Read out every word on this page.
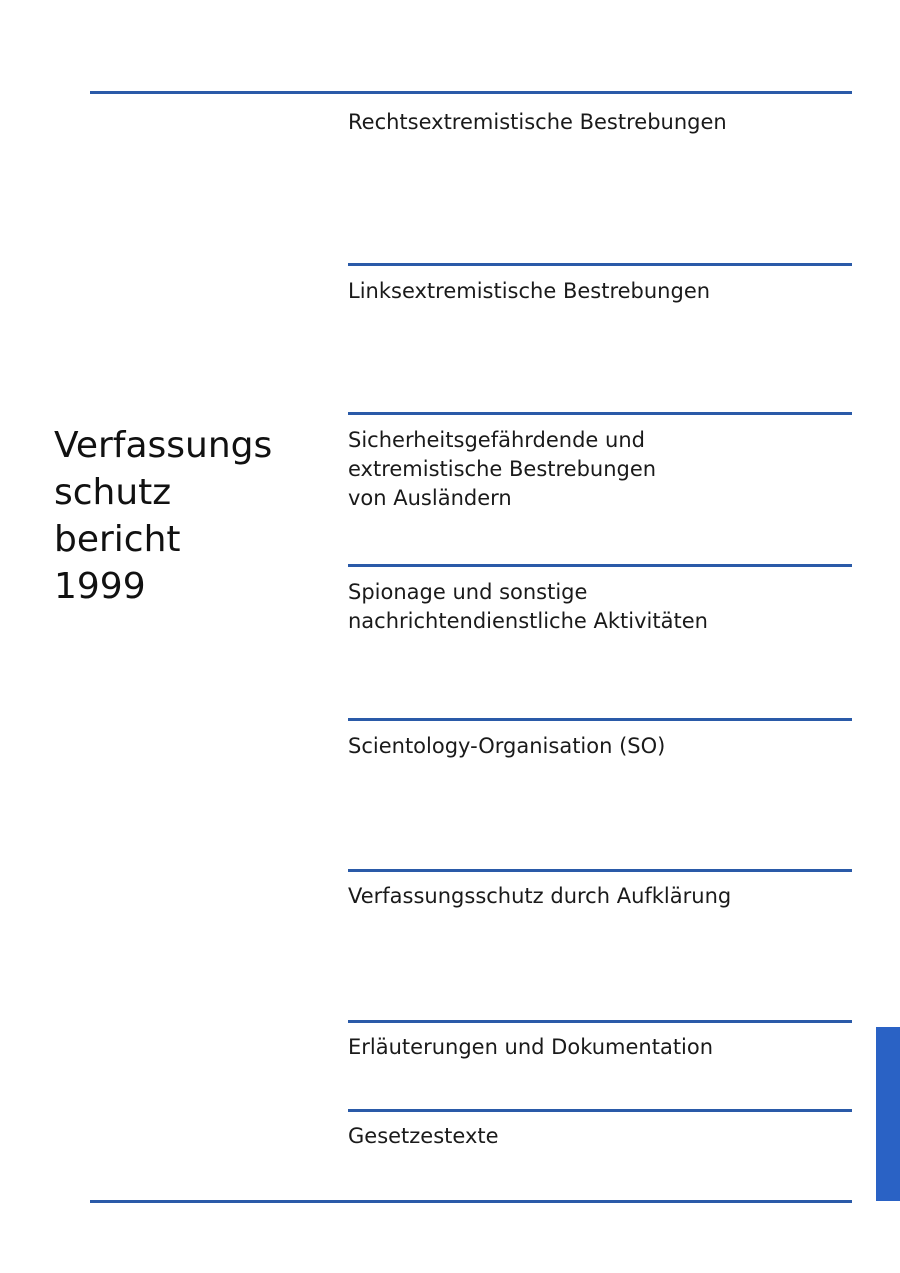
Verfassungs
schutz
bericht
1999
Rechtsextremistische Bestrebungen
Linksextremistische Bestrebungen
Sicherheitsgefährdende und
extremistische Bestrebungen
von Ausländern
Spionage und sonstige
nachrichtendienstliche Aktivitäten
Scientology-Organisation (SO)
Verfassungsschutz durch Aufklärung
Erläuterungen und Dokumentation
Gesetzestexte
